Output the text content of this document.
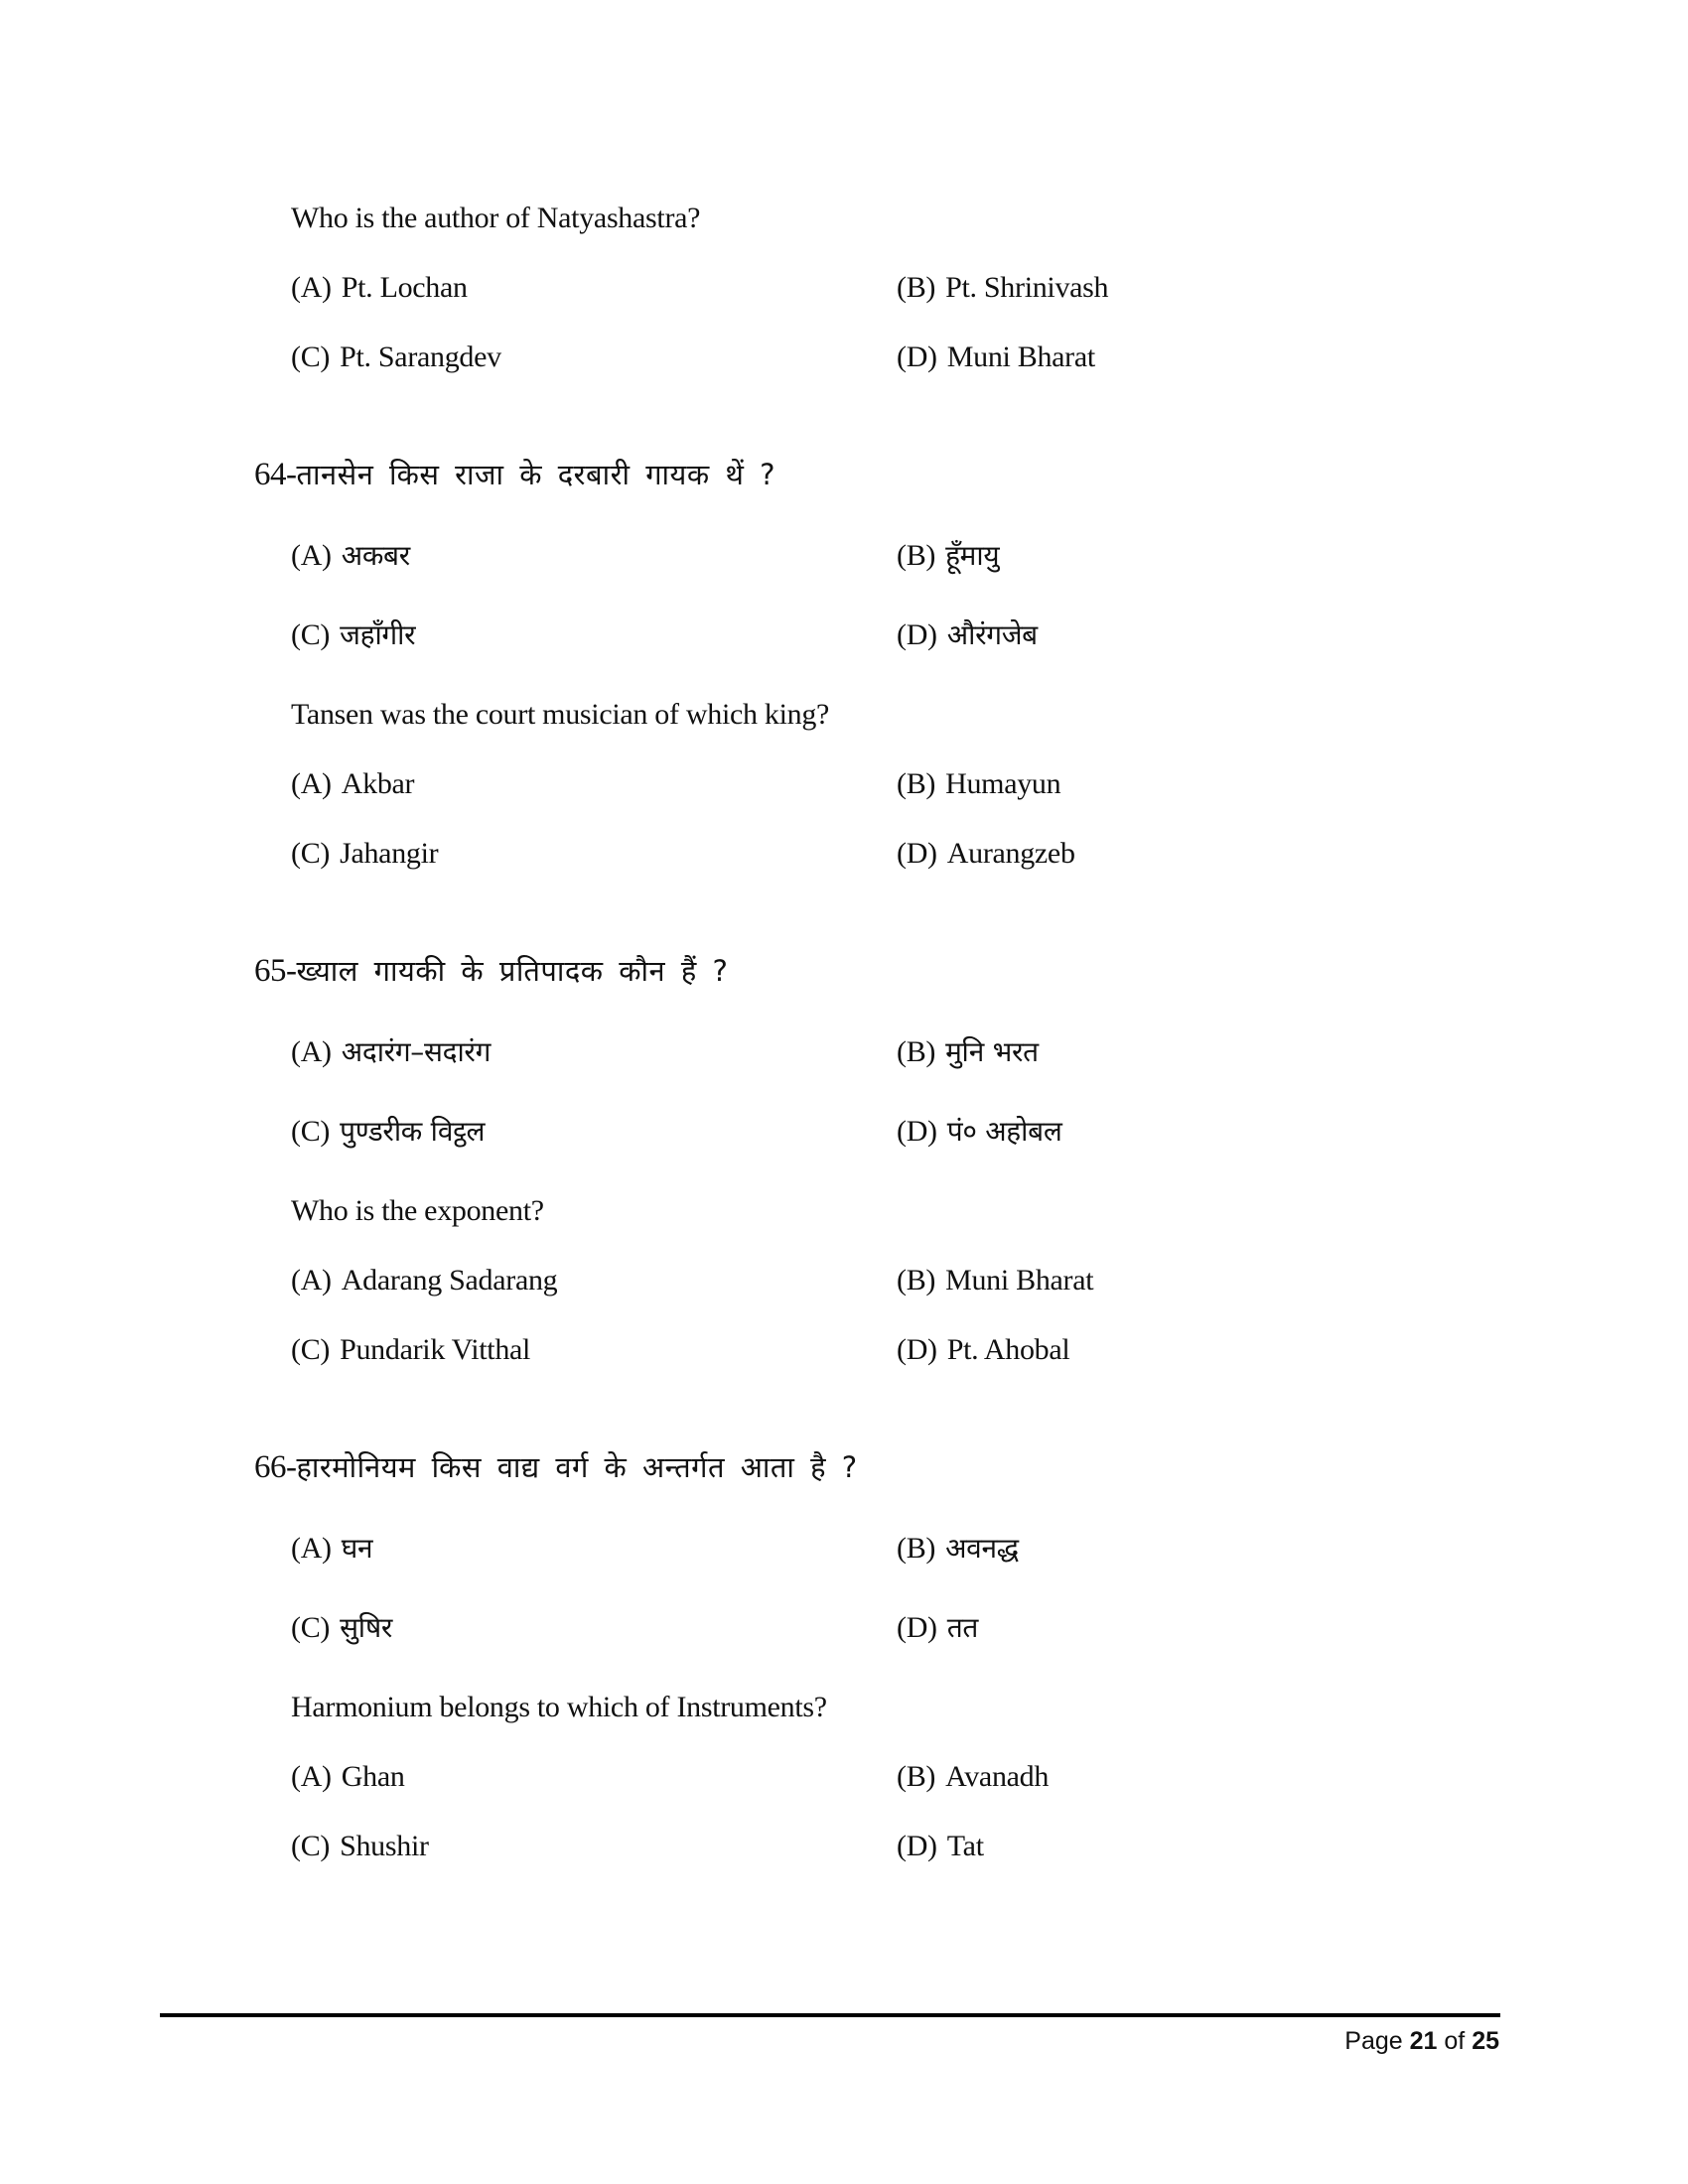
Who is the author of Natyashastra?
(A) Pt. Lochan	(B) Pt. Shrinivash
(C) Pt. Sarangdev	(D) Muni Bharat
64-तानसेन किस राजा के दरबारी गायक थें ?
(A) अकबर	(B) हूँमायु
(C) जहाँगीर	(D) औरंगजेब
Tansen was the court musician of which king?
(A) Akbar	(B) Humayun
(C) Jahangir	(D) Aurangzeb
65-ख्याल गायकी के प्रतिपादक कौन हैं ?
(A) अदारंग–सदारंग	(B) मुनि भरत
(C) पुण्डरीक विट्ठल	(D) पं० अहोबल
Who is the exponent?
(A) Adarang Sadarang	(B) Muni Bharat
(C) Pundarik Vitthal	(D) Pt. Ahobal
66-हारमोनियम किस वाद्य वर्ग के अन्तर्गत आता है ?
(A) घन	(B) अवनद्ध
(C) सुषिर	(D) तत
Harmonium belongs to which of Instruments?
(A) Ghan	(B) Avanadh
(C) Shushir	(D) Tat
Page 21 of 25
